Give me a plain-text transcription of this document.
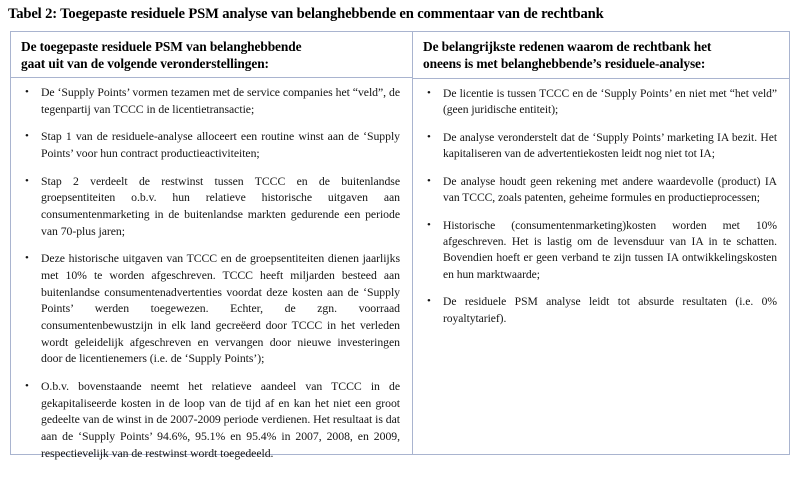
Tabel 2: Toegepaste residuele PSM analyse van belanghebbende en commentaar van de rechtbank
De toegepaste residuele PSM van belanghebbende
gaat uit van de volgende veronderstellingen:
•	De ‘Supply Points’ vormen tezamen met de service companies het “veld”, de tegenpartij van TCCC in de licentietransactie;
•	Stap 1 van de residuele-analyse alloceert een routine winst aan de ‘Supply Points’ voor hun contract productieactiviteiten;
•	Stap 2 verdeelt de restwinst tussen TCCC en de buitenlandse groepsentiteiten o.b.v. hun relatieve historische uitgaven aan consumentenmarketing in de buitenlandse markten gedurende een periode van 70-plus jaren;
•	Deze historische uitgaven van TCCC en de groepsentiteiten dienen jaarlijks met 10% te worden afgeschreven. TCCC heeft miljarden besteed aan buitenlandse consumentenadvertenties voordat deze kosten aan de ‘Supply Points’ werden toegewezen. Echter, de zgn. voorraad consumentenbewustzijn in elk land gecreëerd door TCCC in het verleden wordt geleidelijk afgeschreven en vervangen door nieuwe investeringen door de licentienemers (i.e. de ‘Supply Points’);
•	O.b.v. bovenstaande neemt het relatieve aandeel van TCCC in de gekapitaliseerde kosten in de loop van de tijd af en kan het niet een groot gedeelte van de winst in de 2007-2009 periode verdienen. Het resultaat is dat aan de ‘Supply Points’ 94.6%, 95.1% en 95.4% in 2007, 2008, en 2009, respectievelijk van de restwinst wordt toegedeeld.
De belangrijkste redenen waarom de rechtbank het
oneens is met belanghebbende’s residuele-analyse:
•	De licentie is tussen TCCC en de ‘Supply Points’ en niet met “het veld” (geen juridische entiteit);
•	De analyse veronderstelt dat de ‘Supply Points’ marketing IA bezit. Het kapitaliseren van de advertentiekosten leidt nog niet tot IA;
•	De analyse houdt geen rekening met andere waardevolle (product) IA van TCCC, zoals patenten, geheime formules en productieprocessen;
•	Historische (consumentenmarketing)kosten worden met 10% afgeschreven. Het is lastig om de levensduur van IA in te schatten. Bovendien hoeft er geen verband te zijn tussen IA ontwikkelingskosten en hun marktwaarde;
•	De residuele PSM analyse leidt tot absurde resultaten (i.e. 0% royaltytarief).
